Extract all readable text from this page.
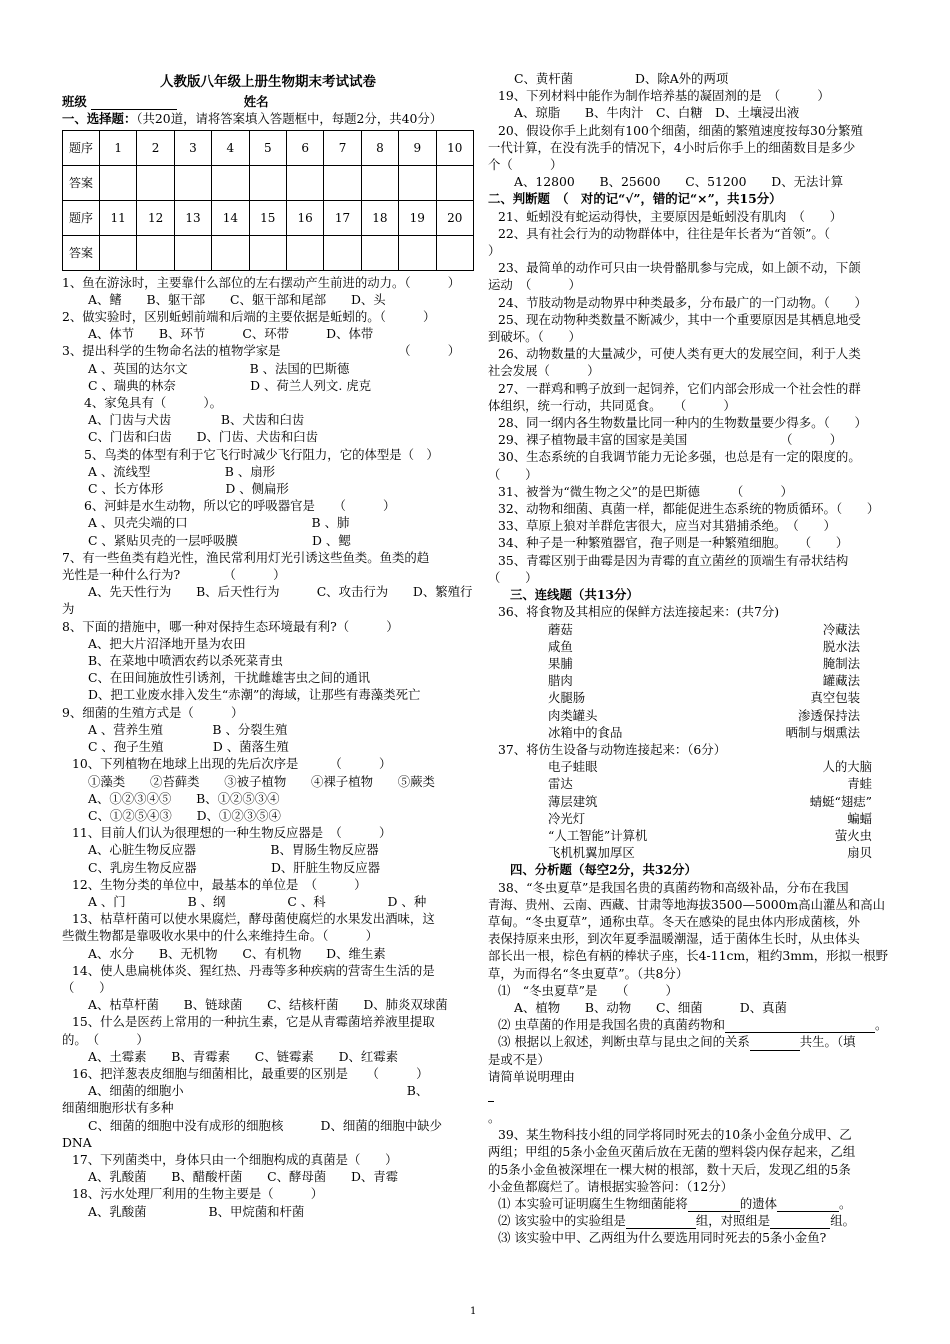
人教版八年级上册生物期末考试试卷
班级	姓名
一、选择题：（共20道，请将答案填入答题框中，每题2分，共40分）
题序	1	2	3	4	5	6	7	8	9	10
答案										
题序	11	12	13	14	15	16	17	18	19	20
答案										
1、鱼在游泳时，主要靠什么部位的左右摆动产生前进的动力。（　　　）
A、鳍　　B、躯干部　　C、躯干部和尾部　　D、头
2、做实验时，区别蚯蚓前端和后端的主要依据是蚯蚓的。（　　　）
A、体节　　B、环节　　　C、环带　　　D、体带
3、提出科学的生物命名法的植物学家是　　　　　　　　　　（　　　）
A 、英国的达尔文　　　　　B 、法国的巴斯德
C 、瑞典的林奈　　　　　　D 、荷兰人列文. 虎克
4、家兔具有（　　　）。
A、门齿与犬齿　　　　B、犬齿和臼齿
C、门齿和臼齿　　D、门齿、犬齿和臼齿
5、鸟类的体型有利于它飞行时减少飞行阻力，它的体型是（　）
A 、流线型　　　　　　B 、扇形
C 、长方体形　　　　　D 、侧扁形
6、河蚌是水生动物，所以它的呼吸器官是　　（　　　）
A 、贝壳尖端的口　　　　　　　　　　B 、肺
C 、紧贴贝壳的一层呼吸膜　　　　　　D 、鳃
7、有一些鱼类有趋光性，渔民常利用灯光引诱这些鱼类。鱼类的趋
光性是一种什么行为?　　　　（　　　）
A、先天性行为　　B、后天性行为　　　C、攻击行为　　D、繁殖行
为
8、下面的措施中，哪一种对保持生态环境最有利?（　　　）
A、把大片沼泽地开垦为农田
B、在菜地中喷洒农药以杀死菜青虫
C、在田间施放性引诱剂，干扰雌雄害虫之间的通讯
D、把工业废水排入发生“赤潮”的海域，让那些有毒藻类死亡
9、细菌的生殖方式是（　　　）
A 、营养生殖　　　　B 、分裂生殖
C 、孢子生殖　　　　D 、菌落生殖
10、下列植物在地球上出现的先后次序是　　　（　　　）
①藻类　　②苔藓类　　③被子植物　　④裸子植物　　⑤蕨类
A、①②③④⑤　　B、①②⑤③④
C、①②⑤④③　　D、①②③⑤④
11、目前人们认为很理想的一种生物反应器是　（　　　）
A、心脏生物反应器　　　　　　B、胃肠生物反应器
C、乳房生物反应器　　　　　　D、肝脏生物反应器
12、生物分类的单位中，最基本的单位是　（　　　）
A 、门　　　　　B 、纲　　　　　C 、科　　　　　D 、种
13、枯草杆菌可以使水果腐烂，酵母菌使腐烂的水果发出酒味，这
些微生物都是靠吸收水果中的什么来维持生命。（　　　）
A、水分　　B、无机物　　C、有机物　　D、维生素
14、使人患扁桃体炎、猩红热、丹毒等多种疾病的营寄生生活的是
（　　）
A、枯草杆菌　　B、链球菌　　C、结核杆菌　　D、肺炎双球菌
15、什么是医药上常用的一种抗生素，它是从青霉菌培养液里提取
的。　（　　　）
A、土霉素　　B、青霉素　　C、链霉素　　D、红霉素
16、把洋葱表皮细胞与细菌相比，最重要的区别是　　（　　　）
A、细菌的细胞小　　　　　　　　　　　　　　　　　　B、
细菌细胞形状有多种
C、细菌的细胞中没有成形的细胞核　　　D、细菌的细胞中缺少
DNA
17、下列菌类中，身体只由一个细胞构成的真菌是（　　）
A、乳酸菌　　B、醋酸杆菌　　C、酵母菌　　D、青霉
18、污水处理厂利用的生物主要是（　　　）
A、乳酸菌　　　　　B、甲烷菌和杆菌
C、黄杆菌　　　　　D、除A外的两项
19、下列材料中能作为制作培养基的凝固剂的是　（　　　）
A、琼脂　　B、牛肉汁　C、白糖　D、土壤浸出液
20、假设你手上此刻有100个细菌，细菌的繁殖速度按每30分繁殖
一代计算，在没有洗手的情况下，4小时后你手上的细菌数目是多少
个（　　　）
A、12800　　B、25600　　C、51200　　D、无法计算
二、判断题　（　对的记“√”，错的记“×”，共15分）
21、蚯蚓没有蛇运动得快，主要原因是蚯蚓没有肌肉　（　　）
22、具有社会行为的动物群体中，往往是年长者为“首领”。（
）
23、最简单的动作可只由一块骨骼肌参与完成，如上颌不动，下颌
运动　（　　　）
24、节肢动物是动物界中种类最多，分布最广的一门动物。（　　）
25、现在动物种类数量不断减少，其中一个重要原因是其栖息地受
到破坏。（　　）
26、动物数量的大量减少，可使人类有更大的发展空间，利于人类
社会发展（　　　）
27、一群鸡和鸭子放到一起饲养，它们内部会形成一个社会性的群
体组织，统一行动，共同觅食。　　（　　　）
28、同一纲内各生物数量比同一种内的生物数量要少得多。（　　）
29、裸子植物最丰富的国家是美国　　　　　　　　（　　　）
30、生态系统的自我调节能力无论多强，也总是有一定的限度的。
（　　）
31、被誉为“微生物之父”的是巴斯德　　　（　　　）
32、动物和细菌、真菌一样，都能促进生态系统的物质循环。（　　）
33、草原上狼对羊群危害很大，应当对其猎捕杀绝。　（　　）
34、种子是一种繁殖器官，孢子则是一种繁殖细胞。　　（　　）
35、青霉区别于曲霉是因为青霉的直立菌丝的顶端生有帚状结构
（　　）
三、连线题（共13分）
36、将食物及其相应的保鲜方法连接起来：(共7分)
蘑菇	冷藏法
咸鱼	脱水法
果脯	腌制法
腊肉	罐藏法
火腿肠	真空包装
肉类罐头	渗透保持法
冰箱中的食品	晒制与烟熏法
37、将仿生设备与动物连接起来：（6分）
电子蛙眼	人的大脑
雷达	青蛙
薄层建筑	蜻蜓“翅痣”
冷光灯	蝙蝠
“人工智能”计算机	萤火虫
飞机机翼加厚区	扇贝
四、分析题（每空2分，共32分）
38、“冬虫夏草”是我国名贵的真菌药物和高级补品，分布在我国
青海、贵州、云南、西藏、甘肃等地海拔3500—5000m高山灌丛和高山
草甸。“冬虫夏草”，通称虫草。冬天在感染的昆虫体内形成菌核，外
表保持原来虫形，到次年夏季温暖潮湿，适于菌体生长时，从虫体头
部长出一根，棕色有柄的棒状子座，长4-11cm，粗约3mm，形拟一根野
草，为而得名“冬虫夏草”。（共8分）
⑴　“冬虫夏草”是　　（　　　）
A、植物　　B、动物　　C、细菌　　　D、真菌
⑵ 虫草菌的作用是我国名贵的真菌药物和	。
⑶ 根据以上叙述，判断虫草与昆虫之间的关系	共生。（填
是或不是）
请简单说明理由
。
39、某生物科技小组的同学将同时死去的10条小金鱼分成甲、乙
两组；甲组的5条小金鱼灭菌后放在无菌的塑料袋内保存起来，乙组
的5条小金鱼被深埋在一棵大树的根部，数十天后，发现乙组的5条
小金鱼都腐烂了。请根据实验答问：（12分）
⑴ 本实验可证明腐生生物细菌能将	的遗体	。
⑵ 该实验中的实验组是	组，对照组是	组。
⑶ 该实验中甲、乙两组为什么要选用同时死去的5条小金鱼?
1
